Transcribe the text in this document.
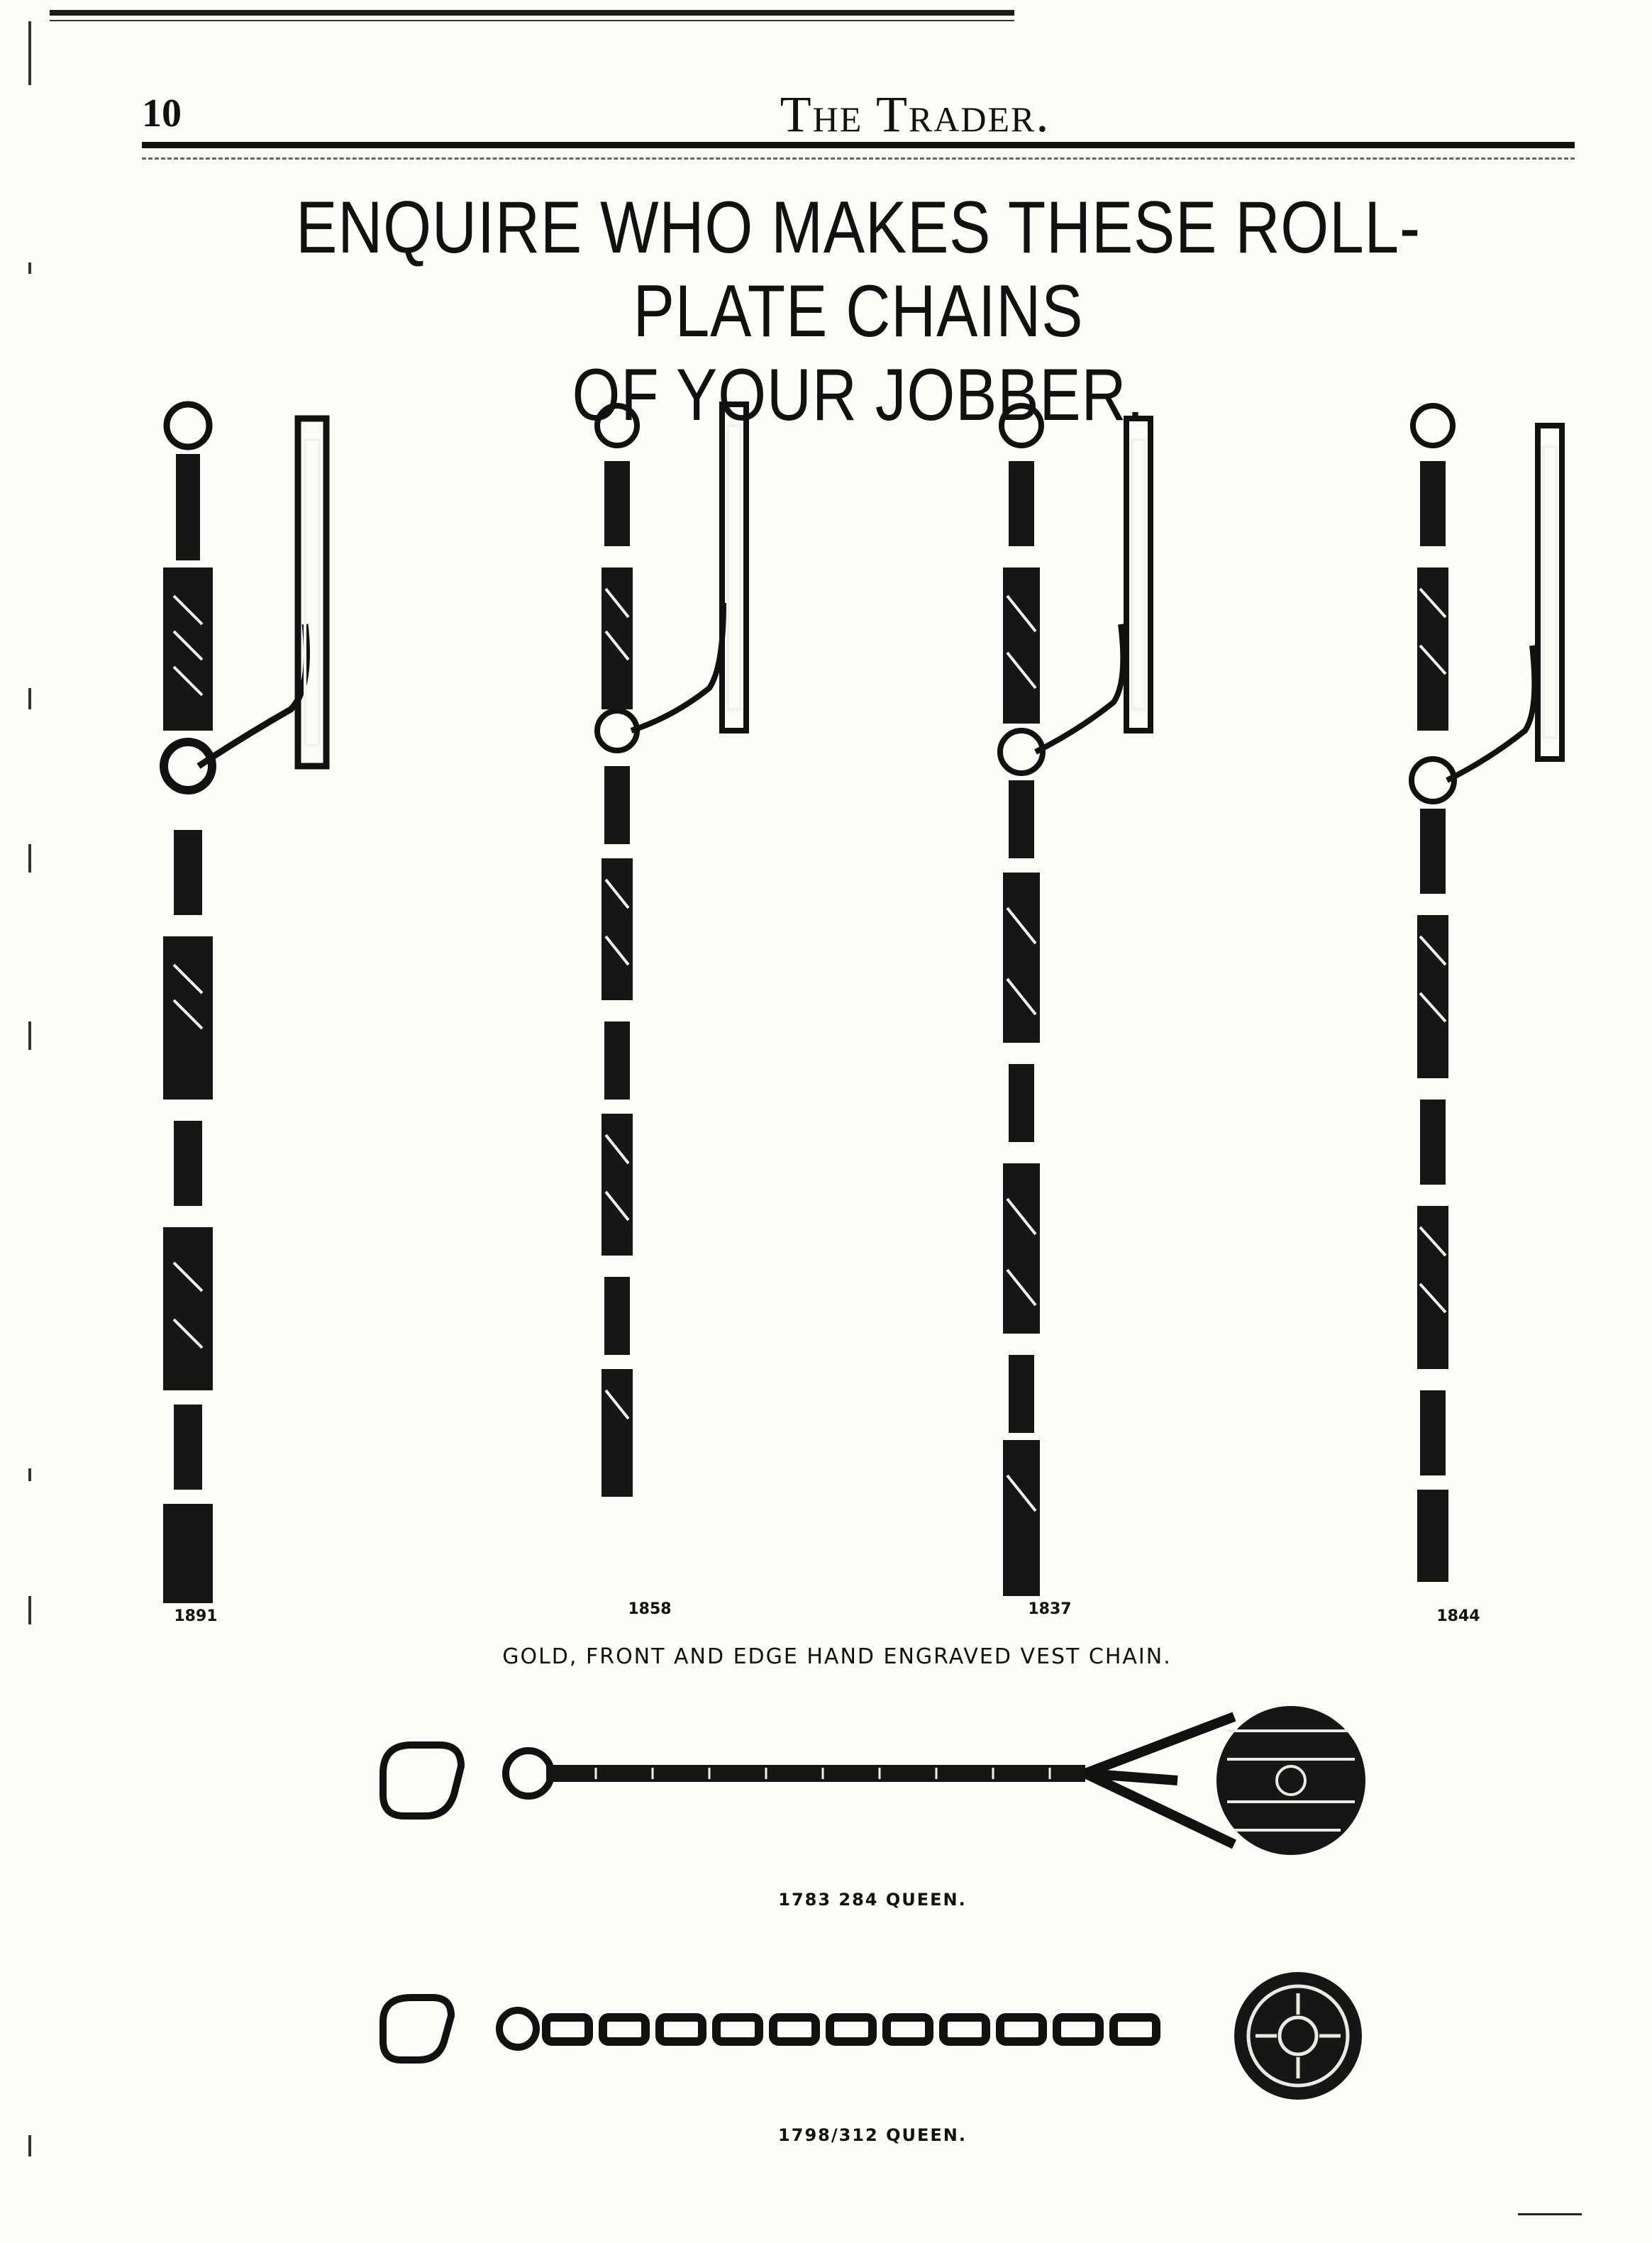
10	The Trader.
ENQUIRE WHO MAKES THESE ROLL-PLATE CHAINS
OF YOUR JOBBER.
1891	1858	1837	1844
GOLD, FRONT AND EDGE HAND ENGRAVED VEST CHAIN.
1783 284 QUEEN.
1798/312 QUEEN.
